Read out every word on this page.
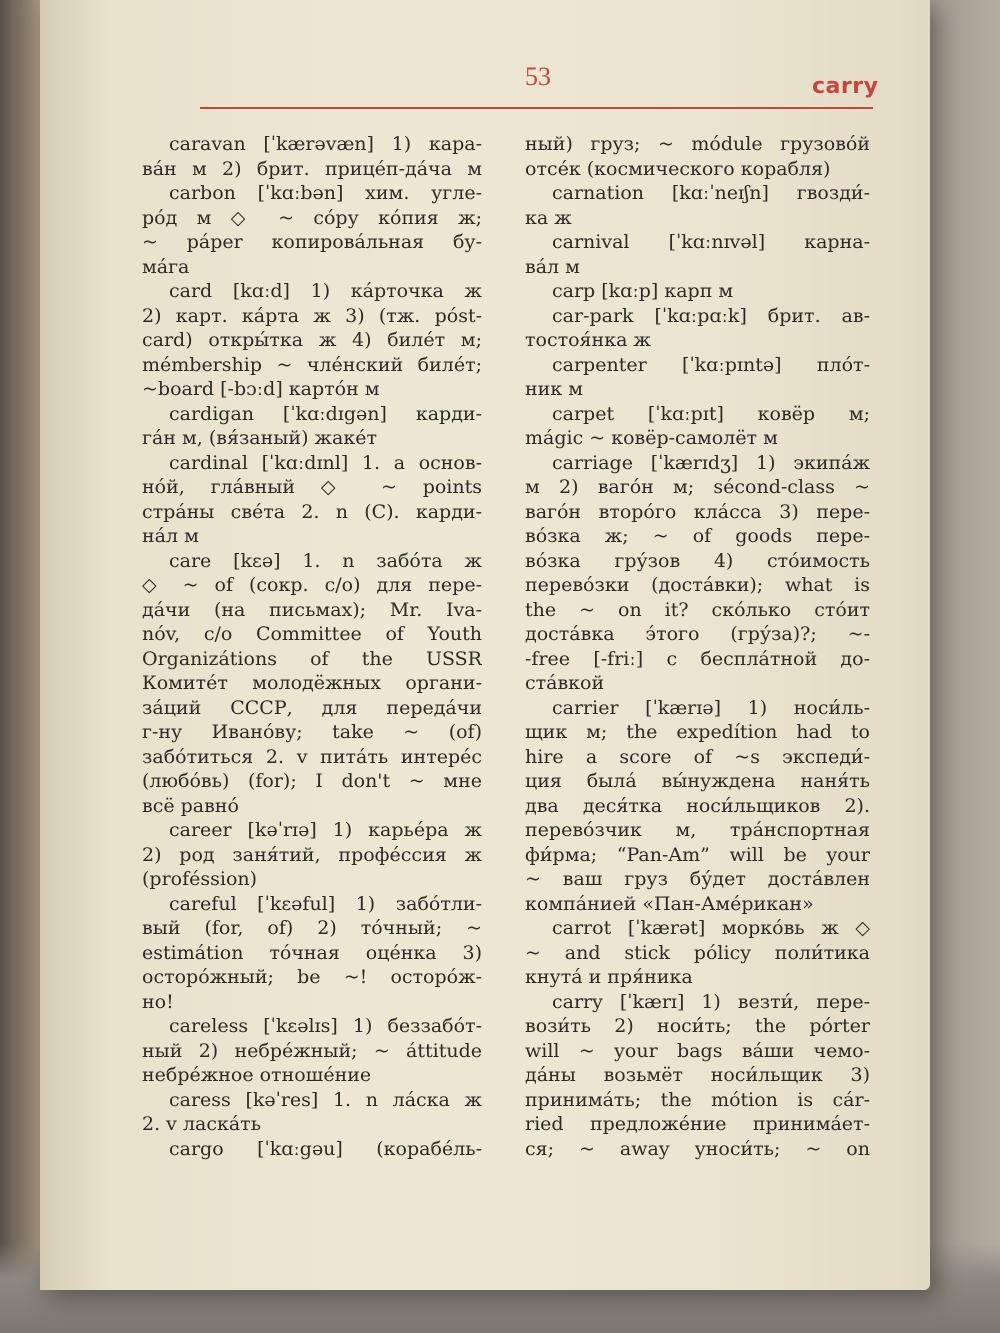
53	carry
caravan [ˈkærəvæn] 1) кара-
ва́н м 2) брит. прице́п-да́ча м
carbon [ˈkɑːbən] хим. угле-
ро́д м ◇ ~ со́ру ко́пия ж;
~ páper копирова́льная бу-
ма́га
card [kɑːd] 1) ка́рточка ж
2) карт. ка́рта ж 3) (тж. póst-
card) откры́тка ж 4) биле́т м;
mémbership ~ чле́нский биле́т;
~board [-bɔːd] карто́н м
cardigan [ˈkɑːdɪgən] карди-
га́н м, (вя́заный) жаке́т
cardinal [ˈkɑːdɪnl] 1. a основ-
но́й, гла́вный ◇ ~ points
стра́ны све́та 2. n (С). карди-
на́л м
care [kɛə] 1. n забо́та ж
◇ ~ of (сокр. c/o) для пере-
да́чи (на письмах); Mr. Iva-
nóv, c/o Committee of Youth
Organizátions of the USSR
Комите́т молодёжных органи-
за́ций СССР, для переда́чи
г-ну Ивано́ву; take ~ (of)
забо́титься 2. v пита́ть интере́с
(любо́вь) (for); I don't ~ мне
всё равно́
career [kəˈrɪə] 1) карье́ра ж
2) род заня́тий, профе́ссия ж
(proféssion)
careful [ˈkɛəful] 1) забо́тли-
вый (for, of) 2) то́чный; ~
estimátion то́чная оце́нка 3)
осторо́жный; be ~! осторо́ж-
но!
careless [ˈkɛəlɪs] 1) беззабо́т-
ный 2) небре́жный; ~ áttitude
небре́жное отноше́ние
caress [kəˈres] 1. n ла́ска ж
2. v ласка́ть
cargo [ˈkɑːgəu] (корабе́ль-
ный) груз; ~ módule грузово́й
отсе́к (космического корабля)
carnation [kɑːˈneɪʃn] гвозди́-
ка ж
carnival [ˈkɑːnɪvəl] карна-
ва́л м
carp [kɑːp] карп м
car-park [ˈkɑːpɑːk] брит. ав-
тостоя́нка ж
carpenter [ˈkɑːpɪntə] пло́т-
ник м
carpet [ˈkɑːpɪt] ковёр м;
mágic ~ ковёр-самолёт м
carriage [ˈkærɪdʒ] 1) экипа́ж
м 2) ваго́н м; sécond-class ~
ваго́н второ́го кла́сса 3) пере-
во́зка ж; ~ of goods пере-
во́зка гру́зов 4) сто́имость
перево́зки (доста́вки); what is
the ~ on it? ско́лько сто́ит
доста́вка э́того (гру́за)?; ~-
-free [-friː] с беспла́тной до-
ста́вкой
carrier [ˈkærɪə] 1) носи́ль-
щик м; the expedítion had to
hire a score of ~s экспеди́-
ция была́ вы́нуждена наня́ть
два деся́тка носи́льщиков 2).
перево́зчик м, тра́нспортная
фи́рма; “Pan-Am” will be your
~ ваш груз бу́дет доста́влен
компа́нией «Пан-Аме́рикан»
carrot [ˈkærət] морко́вь ж ◇
~ and stick pólicy поли́тика
кнута́ и пря́ника
carry [ˈkærɪ] 1) везти́, пере-
вози́ть 2) носи́ть; the pórter
will ~ your bags ва́ши чемо-
да́ны возьмёт носи́льщик 3)
принима́ть; the mótion is cár-
ried предложе́ние принима́ет-
ся; ~ away уноси́ть; ~ on
